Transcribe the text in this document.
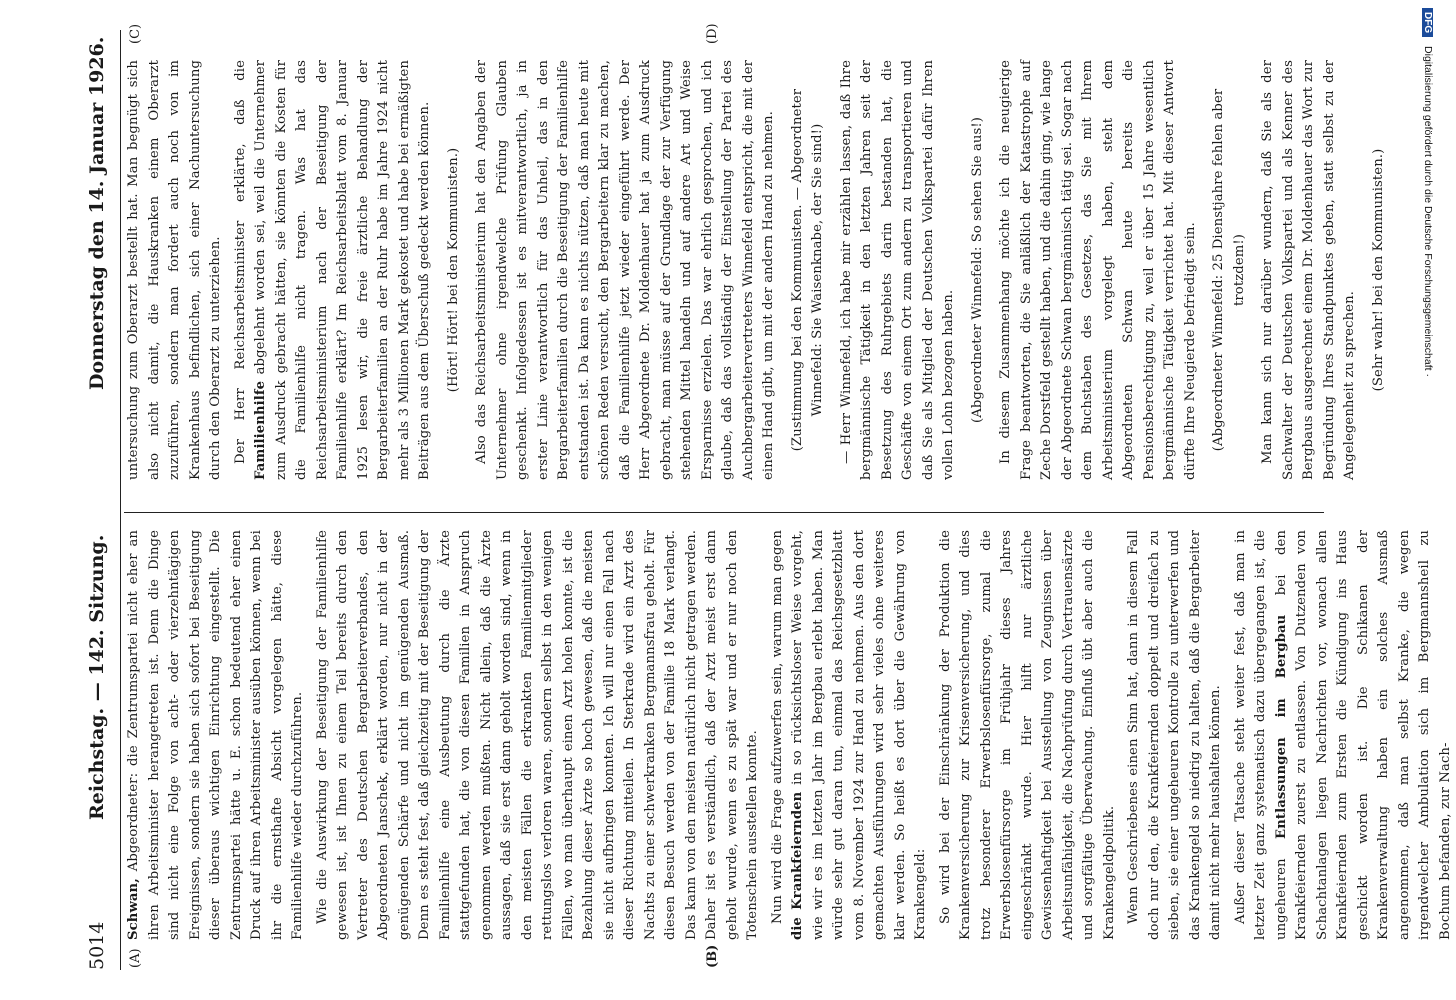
5014
Reichstag. — 142. Sitzung.
Donnerstag den 14. Januar 1926.
(A)	(B)
(C)	(D)

Schwan, Abgeordneter: die Zentrumspartei nicht eher an ihren Arbeitsminister herangetreten ist. Denn die Dinge sind nicht eine Folge von acht- oder vierzehntägigen Ereignissen, sondern sie haben sich sofort bei Beseitigung dieser überaus wichtigen Einrichtung eingestellt. Die Zentrumspartei hätte u. E. schon bedeutend eher einen Druck auf ihren Arbeitsminister ausüben können, wenn bei ihr die ernsthafte Absicht vorgelegen hätte, diese Familienhilfe wieder durchzuführen. Wie die Auswirkung der Beseitigung der Familienhilfe gewesen ist, ist Ihnen zu einem Teil bereits durch den Vertreter des Deutschen Bergarbeiterverbandes, den Abgeordneten Janschek, erklärt worden, nur nicht in der genügenden Schärfe und nicht im genügenden Ausmaß. Denn es steht fest, daß gleichzeitig mit der Beseitigung der Familienhilfe eine Ausbeutung durch die Ärzte stattgefunden hat, die von diesen Familien in Anspruch genommen werden mußten. Nicht allein, daß die Ärzte aussagen, daß sie erst dann geholt worden sind, wenn in den meisten Fällen die erkrankten Familienmitglieder rettungslos verloren waren, sondern selbst in den wenigen Fällen, wo man überhaupt einen Arzt holen konnte, ist die Bezahlung dieser Ärzte so hoch gewesen, daß die meisten sie nicht aufbringen konnten. Ich will nur einen Fall nach dieser Richtung mitteilen. In Sterkrade wird ein Arzt des Nachts zu einer schwerkranken Bergmannsfrau geholt. Für diesen Besuch werden von der Familie 18 Mark verlangt. Das kann von den meisten natürlich nicht getragen werden. Daher ist es verständlich, daß der Arzt meist erst dann geholt wurde, wenn es zu spät war und er nur noch den Totenschein ausstellen konnte. Nun wird die Frage aufzuwerfen sein, warum man gegen die Krankfeiernden in so rücksichtsloser Weise vorgeht, wie wir es im letzten Jahr im Bergbau erlebt haben. Man würde sehr gut daran tun, einmal das Reichsgesetzblatt vom 8. November 1924 zur Hand zu nehmen. Aus den dort gemachten Ausführungen wird sehr vieles ohne weiteres klar werden. So heißt es dort über die Gewährung von Krankengeld: So wird bei der Einschränkung der Produktion die Krankenversicherung zur Krisenversicherung, und dies trotz besonderer Erwerbslosenfürsorge, zumal die Erwerbslosenfürsorge im Frühjahr dieses Jahres eingeschränkt wurde. Hier hilft nur ärztliche Gewissenhaftigkeit bei Ausstellung von Zeugnissen über Arbeitsunfähigkeit, die Nachprüfung durch Vertrauensärzte und sorgfältige Überwachung. Einfluß übt aber auch die Krankengeldpolitik. Wenn Geschriebenes einen Sinn hat, dann in diesem Fall doch nur den, die Krankfeiernden doppelt und dreifach zu sieben, sie einer ungeheuren Kontrolle zu unterwerfen und das Krankengeld so niedrig zu halten, daß die Bergarbeiter damit nicht mehr haushalten können. Außer dieser Tatsache steht weiter fest, daß man in letzter Zeit ganz systematisch dazu übergegangen ist, die ungeheuren Entlassungen im Bergbau bei den Krankfeiernden zuerst zu entlassen. Von Dutzenden von Schachtanlagen liegen Nachrichten vor, wonach allen Krankfeiernden zum Ersten die Kündigung ins Haus geschickt worden ist. Die Schikanen der Krankenverwaltung haben ein solches Ausmaß angenommen, daß man selbst Kranke, die wegen irgendwelcher Ambulation sich im Bergmannsheil zu Bochum befanden, zur Nach-

untersuchung zum Oberarzt bestellt hat. Man begnügt sich also nicht damit, die Hauskranken einem Oberarzt zuzuführen, sondern man fordert auch noch von im Krankenhaus befindlichen, sich einer Nachuntersuchung durch den Oberarzt zu unterziehen. Der Herr Reichsarbeitsminister erklärte, daß die Familienhilfe abgelehnt worden sei, weil die Unternehmer zum Ausdruck gebracht hätten, sie könnten die Kosten für die Familienhilfe nicht tragen. Was hat das Reichsarbeitsministerium nach der Beseitigung der Familienhilfe erklärt? Im Reichsarbeitsblatt vom 8. Januar 1925 lesen wir, die freie ärztliche Behandlung der Bergarbeiterfamilien an der Ruhr habe im Jahre 1924 nicht mehr als 3 Millionen Mark gekostet und habe bei ermäßigten Beiträgen aus dem Überschuß gedeckt werden können. (Hört! Hört! bei den Kommunisten.) Also das Reichsarbeitsministerium hat den Angaben der Unternehmer ohne irgendwelche Prüfung Glauben geschenkt. Infolgedessen ist es mitverantwortlich, ja in erster Linie verantwortlich für das Unheil, das in den Bergarbeiterfamilien durch die Beseitigung der Familienhilfe entstanden ist. Da kann es nichts nützen, daß man heute mit schönen Reden versucht, den Bergarbeitern klar zu machen, daß die Familienhilfe jetzt wieder eingeführt werde. Der Herr Abgeordnete Dr. Moldenhauer hat ja zum Ausdruck gebracht, man müsse auf der Grundlage der zur Verfügung stehenden Mittel handeln und auf andere Art und Weise Ersparnisse erzielen. Das war ehrlich gesprochen, und ich glaube, daß das vollständig der Einstellung der Partei des Auchbergarbeitervertreters Winnefeld entspricht, die mit der einen Hand gibt, um mit der andern Hand zu nehmen. (Zustimmung bei den Kommunisten. — Abgeordneter Winnefeld: Sie Waisenknabe, der Sie sind!) — Herr Winnefeld, ich habe mir erzählen lassen, daß Ihre bergmännische Tätigkeit in den letzten Jahren seit der Besetzung des Ruhrgebiets darin bestanden hat, die Geschäfte von einem Ort zum andern zu transportieren und daß Sie als Mitglied der Deutschen Volkspartei dafür Ihren vollen Lohn bezogen haben. (Abgeordneter Winnefeld: So sehen Sie aus!) In diesem Zusammenhang möchte ich die neugierige Frage beantworten, die Sie anläßlich der Katastrophe auf Zeche Dorstfeld gestellt haben, und die dahin ging, wie lange der Abgeordnete Schwan bergmännisch tätig sei. Sogar nach dem Buchstaben des Gesetzes, das Sie mit Ihrem Arbeitsministerium vorgelegt haben, steht dem Abgeordneten Schwan heute bereits die Pensionsberechtigung zu, weil er über 15 Jahre wesentlich bergmännische Tätigkeit verrichtet hat. Mit dieser Antwort dürfte Ihre Neugierde befriedigt sein. (Abgeordneter Winnefeld: 25 Dienstjahre fehlen aber trotzdem!) Man kann sich nur darüber wundern, daß Sie als der Sachwalter der Deutschen Volkspartei und als Kenner des Bergbaus ausgerechnet einem Dr. Moldenhauer das Wort zur Begründung Ihres Standpunktes geben, statt selbst zu der Angelegenheit zu sprechen. (Sehr wahr! bei den Kommunisten.)

DFG Digitalisierung gefördert durch die Deutsche Forschungsgemeinschaft ·
